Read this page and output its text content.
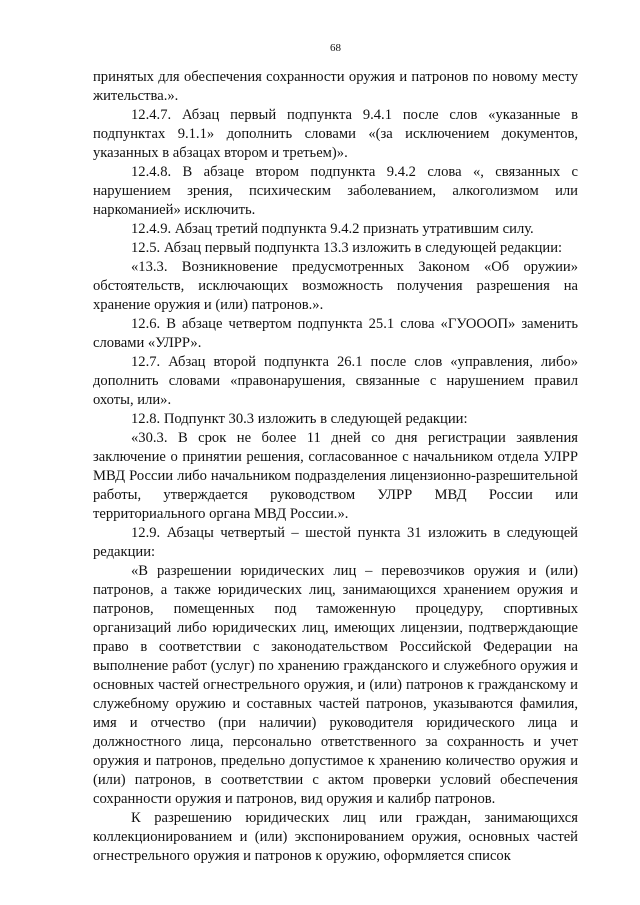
68

принятых для обеспечения сохранности оружия и патронов по новому месту жительства.».

12.4.7. Абзац первый подпункта 9.4.1 после слов «указанные в подпунктах 9.1.1» дополнить словами «(за исключением документов, указанных в абзацах втором и третьем)».

12.4.8. В абзаце втором подпункта 9.4.2 слова «, связанных с нарушением зрения, психическим заболеванием, алкоголизмом или наркоманией» исключить.

12.4.9. Абзац третий подпункта 9.4.2 признать утратившим силу.

12.5. Абзац первый подпункта 13.3 изложить в следующей редакции:

«13.3. Возникновение предусмотренных Законом «Об оружии» обстоятельств, исключающих возможность получения разрешения на хранение оружия и (или) патронов.».

12.6. В абзаце четвертом подпункта 25.1 слова «ГУОООП» заменить словами «УЛРР».

12.7. Абзац второй подпункта 26.1 после слов «управления, либо» дополнить словами «правонарушения, связанные с нарушением правил охоты, или».

12.8. Подпункт 30.3 изложить в следующей редакции:

«30.3. В срок не более 11 дней со дня регистрации заявления заключение о принятии решения, согласованное с начальником отдела УЛРР МВД России либо начальником подразделения лицензионно-разрешительной работы, утверждается руководством УЛРР МВД России или территориального органа МВД России.».

12.9. Абзацы четвертый – шестой пункта 31 изложить в следующей редакции:

«В разрешении юридических лиц – перевозчиков оружия и (или) патронов, а также юридических лиц, занимающихся хранением оружия и патронов, помещенных под таможенную процедуру, спортивных организаций либо юридических лиц, имеющих лицензии, подтверждающие право в соответствии с законодательством Российской Федерации на выполнение работ (услуг) по хранению гражданского и служебного оружия и основных частей огнестрельного оружия, и (или) патронов к гражданскому и служебному оружию и составных частей патронов, указываются фамилия, имя и отчество (при наличии) руководителя юридического лица и должностного лица, персонально ответственного за сохранность и учет оружия и патронов, предельно допустимое к хранению количество оружия и (или) патронов, в соответствии с актом проверки условий обеспечения сохранности оружия и патронов, вид оружия и калибр патронов.

К разрешению юридических лиц или граждан, занимающихся коллекционированием и (или) экспонированием оружия, основных частей огнестрельного оружия и патронов к оружию, оформляется список
